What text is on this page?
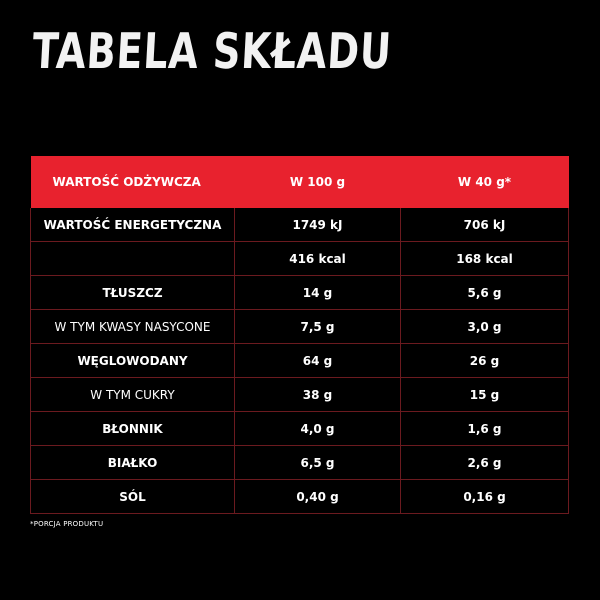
TABELA SKŁADU
WARTOŚĆ ODŻYWCZA	W 100 g	W 40 g*
WARTOŚĆ ENERGETYCZNA	1749 kJ	706 kJ
	416 kcal	168 kcal
TŁUSZCZ	14 g	5,6 g
W TYM KWASY NASYCONE	7,5 g	3,0 g
WĘGLOWODANY	64 g	26 g
W TYM CUKRY	38 g	15 g
BŁONNIK	4,0 g	1,6 g
BIAŁKO	6,5 g	2,6 g
SÓL	0,40 g	0,16 g
*PORCJA PRODUKTU
